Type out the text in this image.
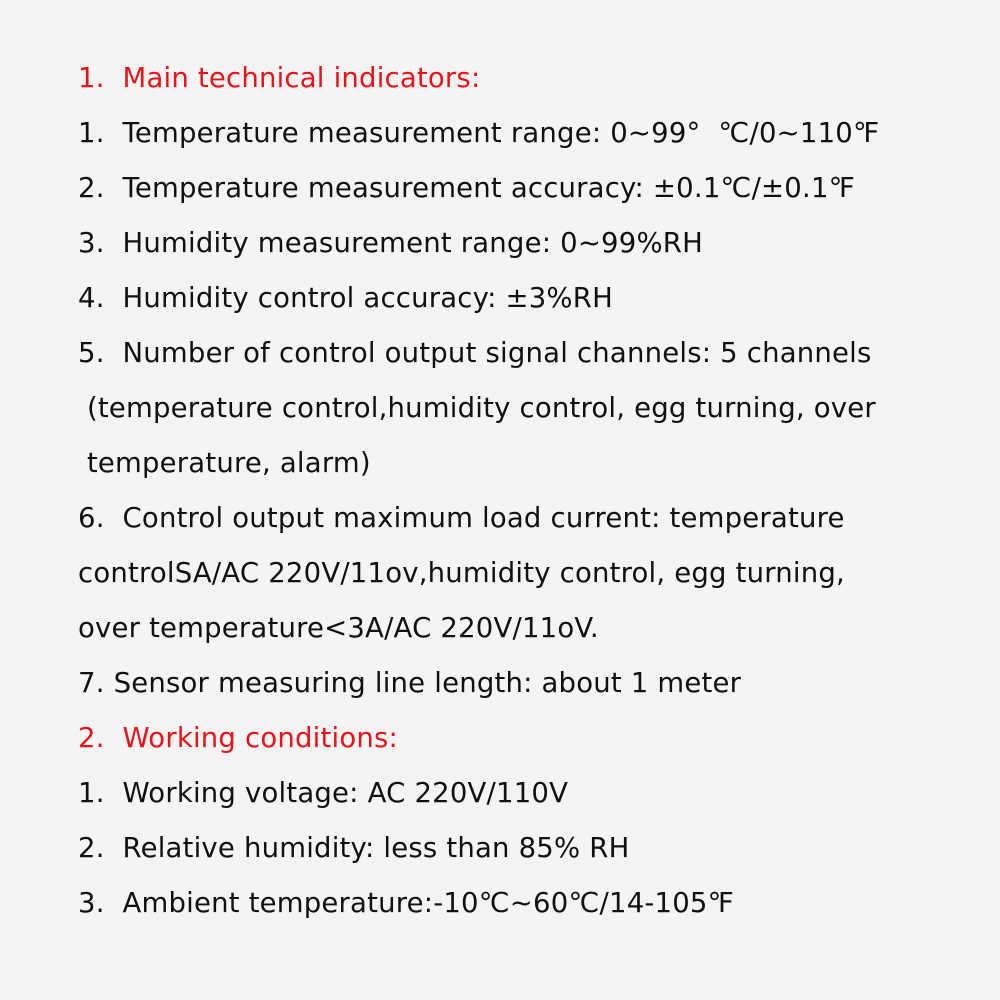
1.  Main technical indicators:
1.  Temperature measurement range: 0~99°  ℃/0~110℉
2.  Temperature measurement accuracy: ±0.1℃/±0.1℉
3.  Humidity measurement range: 0~99%RH
4.  Humidity control accuracy: ±3%RH
5.  Number of control output signal channels: 5 channels
(temperature control,humidity control, egg turning, over
temperature, alarm)
6.  Control output maximum load current: temperature
controlSA/AC 220V/11ov,humidity control, egg turning,
over temperature<3A/AC 220V/11oV.
7. Sensor measuring line length: about 1 meter
2.  Working conditions:
1.  Working voltage: AC 220V/110V
2.  Relative humidity: less than 85% RH
3.  Ambient temperature:-10℃~60℃/14-105℉
